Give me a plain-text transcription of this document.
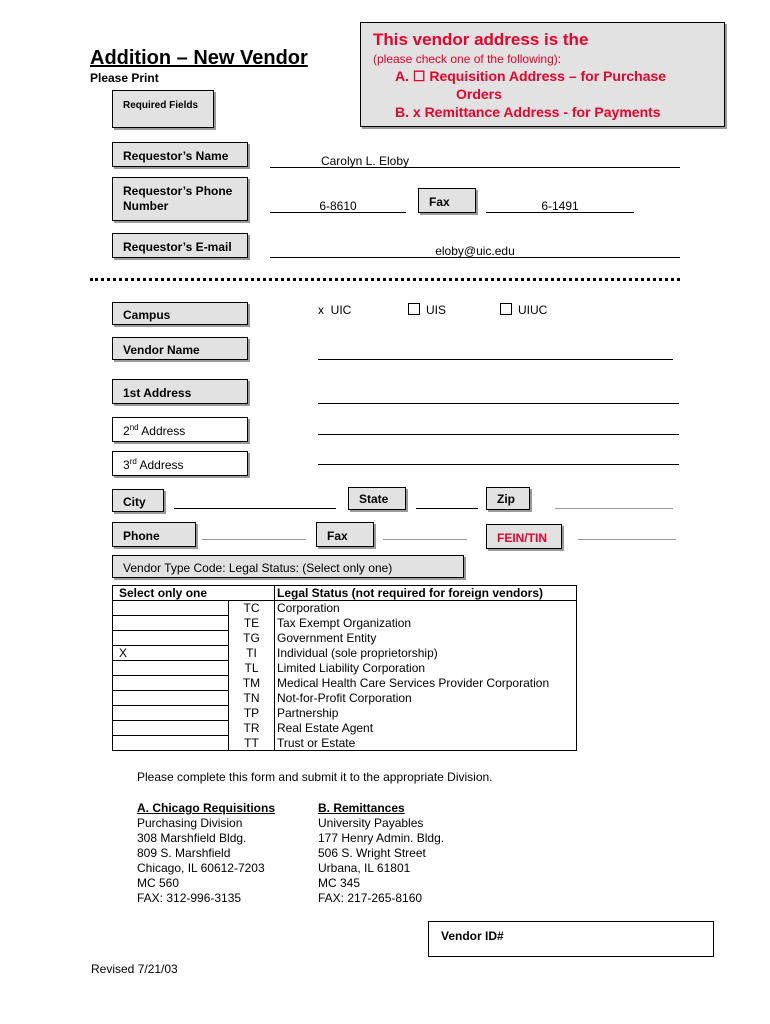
Addition – New Vendor
Please Print
Required Fields
This vendor address is the
(please check one of the following):
A. ☐ Requisition Address – for Purchase
Orders
B. x Remittance Address - for Payments
Requestor’s Name	Carolyn L. Eloby
Requestor’s Phone
Number	6-8610	Fax	6-1491
Requestor’s E-mail	eloby@uic.edu
Campus	x UIC	UIS	UIUC
Vendor Name
1st Address
2nd Address
3rd Address
City	State	Zip
Phone	Fax	FEIN/TIN
Vendor Type Code: Legal Status: (Select only one)
Select only one		Legal Status (not required for foreign vendors)
	TC	Corporation
	TE	Tax Exempt Organization
	TG	Government Entity
X	TI	Individual (sole proprietorship)
	TL	Limited Liability Corporation
	TM	Medical Health Care Services Provider Corporation
	TN	Not-for-Profit Corporation
	TP	Partnership
	TR	Real Estate Agent
	TT	Trust or Estate
Please complete this form and submit it to the appropriate Division.
A. Chicago Requisitions
Purchasing Division
308 Marshfield Bldg.
809 S. Marshfield
Chicago, IL 60612-7203
MC 560
FAX: 312-996-3135
B. Remittances
University Payables
177 Henry Admin. Bldg.
506 S. Wright Street
Urbana, IL 61801
MC 345
FAX: 217-265-8160
Vendor ID#
Revised 7/21/03
